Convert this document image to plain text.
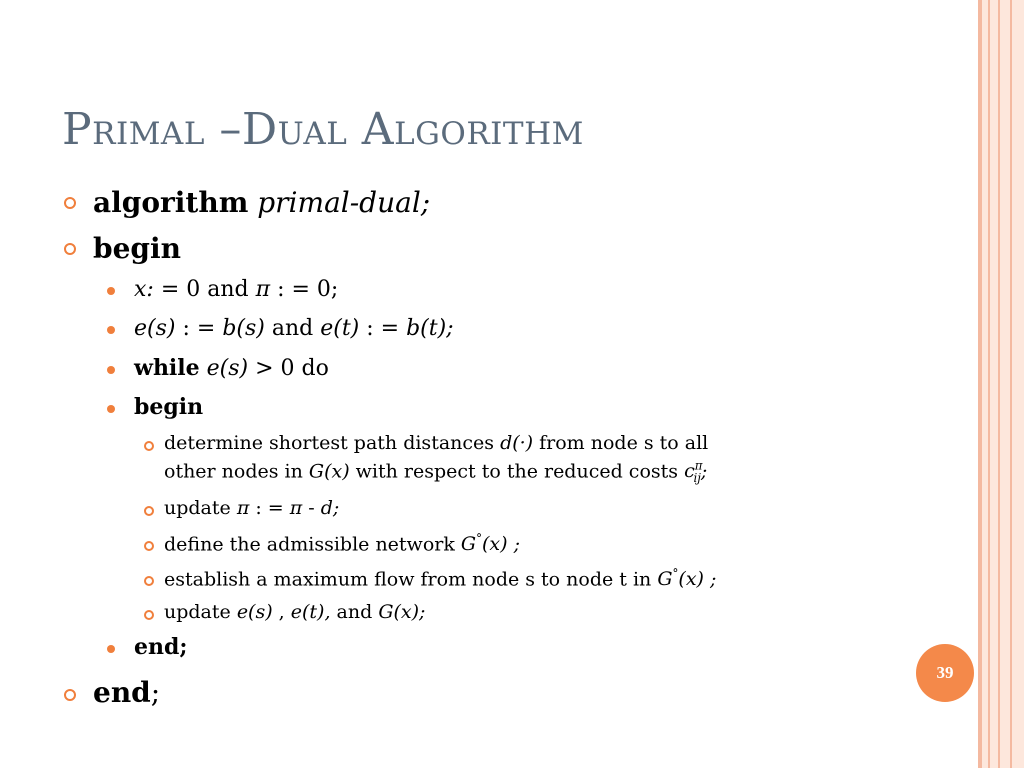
Primal –Dual Algorithm
algorithm primal-dual;
begin
x: = 0 and π : = 0;
e(s) : = b(s) and e(t) : = b(t);
while e(s) > 0 do
begin
determine shortest path distances d(·) from node s to all
other nodes in G(x) with respect to the reduced costs $c^\pi_{ij}$;
update π : = π - d;
define the admissible network G°(x) ;
establish a maximum flow from node s to node t in G°(x) ;
update e(s) , e(t), and G(x);
end;
end;
39
